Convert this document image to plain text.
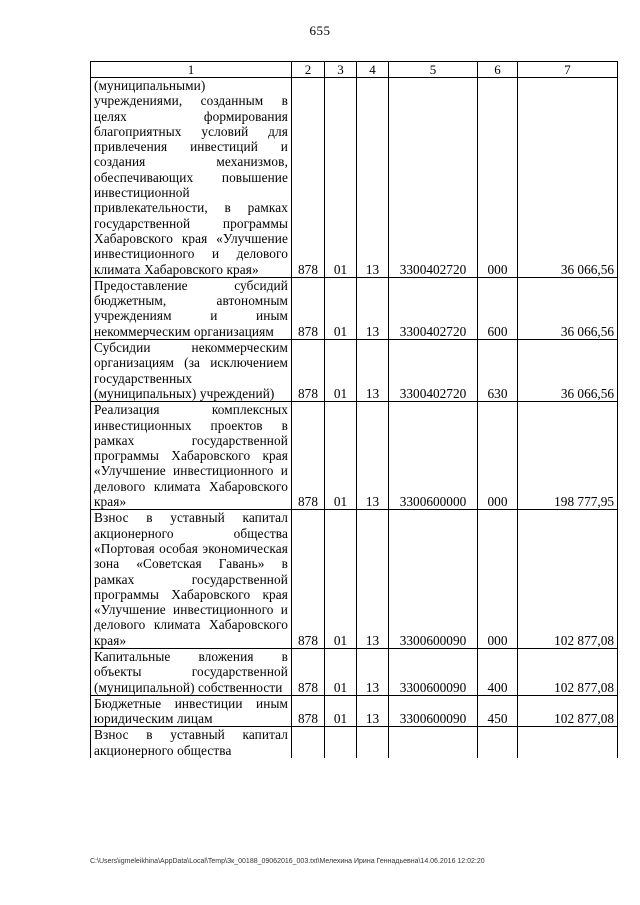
655
1	2	3	4	5	6	7
(муниципальными) учреждениями, созданным в целях формирования благоприятных условий для привлечения инвестиций и создания механизмов, обеспечивающих повышение инвестиционной привлекательности, в рамках государственной программы Хабаровского края «Улучшение инвестиционного и делового климата Хабаровского края»	878	01	13	3300402720	000	36 066,56
Предоставление субсидий бюджетным, автономным учреждениям и иным некоммерческим организациям	878	01	13	3300402720	600	36 066,56
Субсидии некоммерческим организациям (за исключением государственных (муниципальных) учреждений)	878	01	13	3300402720	630	36 066,56
Реализация комплексных инвестиционных проектов в рамках государственной программы Хабаровского края «Улучшение инвестиционного и делового климата Хабаровского края»	878	01	13	3300600000	000	198 777,95
Взнос в уставный капитал акционерного общества «Портовая особая экономическая зона «Советская Гавань» в рамках государственной программы Хабаровского края «Улучшение инвестиционного и делового климата Хабаровского края»	878	01	13	3300600090	000	102 877,08
Капитальные вложения в объекты государственной (муниципальной) собственности	878	01	13	3300600090	400	102 877,08
Бюджетные инвестиции иным юридическим лицам	878	01	13	3300600090	450	102 877,08
Взнос в уставный капитал акционерного общества						
C:\Users\igmeleikhina\AppData\Local\Temp\Зк_00188_09062016_003.txt\Мелехина Ирина Геннадьевна\14.06.2016 12:02:20
